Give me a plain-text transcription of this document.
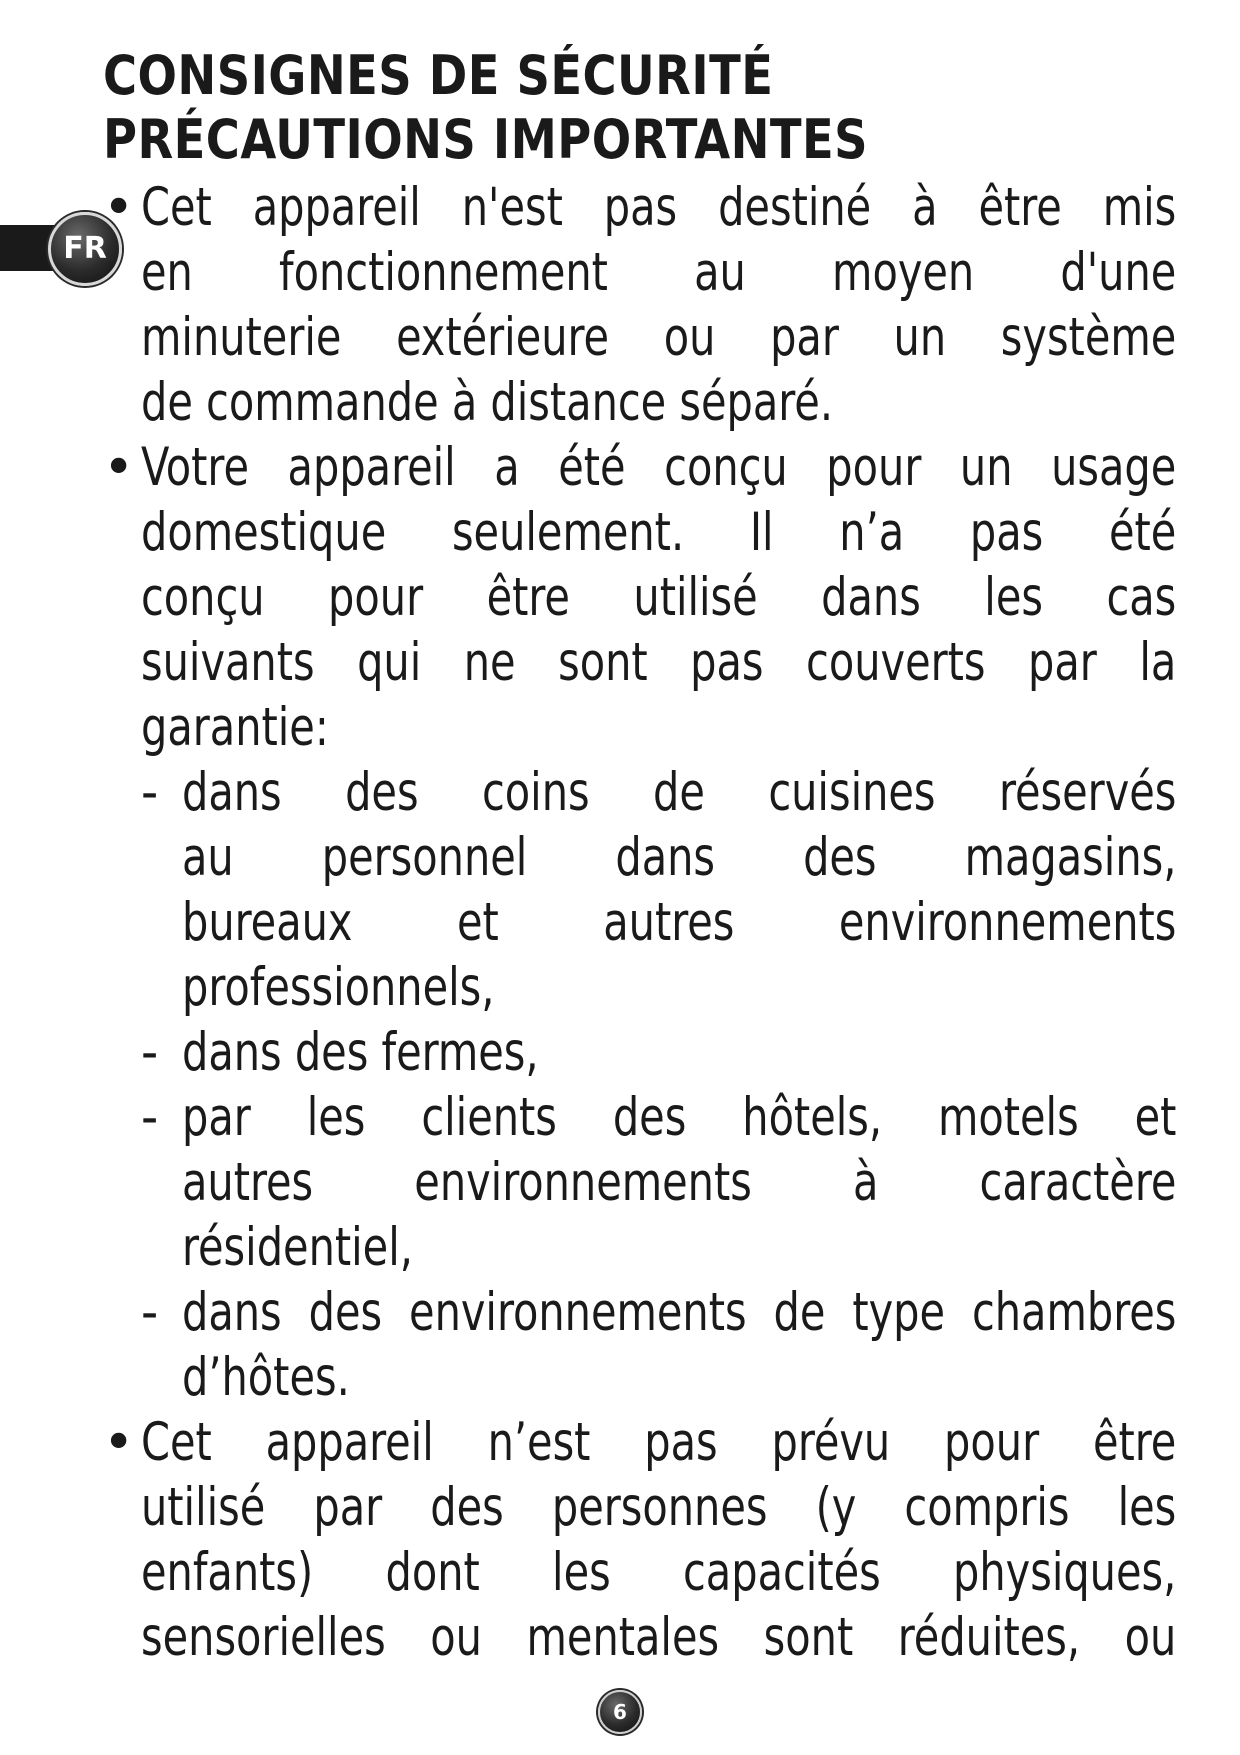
CONSIGNES DE SÉCURITÉ
PRÉCAUTIONS IMPORTANTES
FR
• Cet appareil n'est pas destiné à être mis
en fonctionnement au moyen d'une
minuterie extérieure ou par un système
de commande à distance séparé.
• Votre appareil a été conçu pour un usage
domestique seulement. Il n’a pas été
conçu pour être utilisé dans les cas
suivants qui ne sont pas couverts par la
garantie:
- dans des coins de cuisines réservés
au personnel dans des magasins,
bureaux et autres environnements
professionnels,
- dans des fermes,
- par les clients des hôtels, motels et
autres environnements à caractère
résidentiel,
- dans des environnements de type chambres
d’hôtes.
• Cet appareil n’est pas prévu pour être
utilisé par des personnes (y compris les
enfants) dont les capacités physiques,
sensorielles ou mentales sont réduites, ou
6
